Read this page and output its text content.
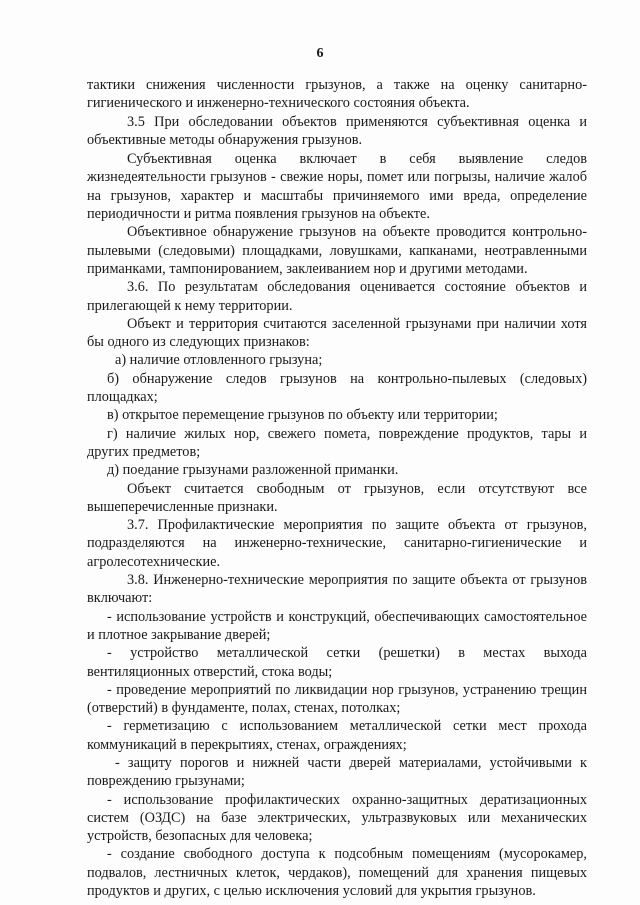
6

тактики снижения численности грызунов, а также на оценку санитарно-гигиенического и инженерно-технического состояния объекта.

3.5 При обследовании объектов применяются субъективная оценка и объективные методы обнаружения грызунов.

Субъективная оценка включает в себя выявление следов жизнедеятельности грызунов - свежие норы, помет или погрызы, наличие жалоб на грызунов, характер и масштабы причиняемого ими вреда, определение периодичности и ритма появления грызунов на объекте.

Объективное обнаружение грызунов на объекте проводится контрольно-пылевыми (следовыми) площадками, ловушками, капканами, неотравленными приманками, тампонированием, заклеиванием нор и другими методами.

3.6. По результатам обследования оценивается состояние объектов и прилегающей к нему территории.

Объект и территория считаются заселенной грызунами при наличии хотя бы одного из следующих признаков:

а) наличие отловленного грызуна;

б) обнаружение следов грызунов на контрольно-пылевых (следовых) площадках;

в) открытое перемещение грызунов по объекту или территории;

г) наличие жилых нор, свежего помета, повреждение продуктов, тары и других предметов;

д) поедание грызунами разложенной приманки.

Объект считается свободным от грызунов, если отсутствуют все вышеперечисленные признаки.

3.7. Профилактические мероприятия по защите объекта от грызунов, подразделяются на инженерно-технические, санитарно-гигиенические и агролесотехнические.

3.8. Инженерно-технические мероприятия по защите объекта от грызунов включают:

- использование устройств и конструкций, обеспечивающих самостоятельное и плотное закрывание дверей;

- устройство металлической сетки (решетки) в местах выхода вентиляционных отверстий, стока воды;

- проведение мероприятий по ликвидации нор грызунов, устранению трещин (отверстий) в фундаменте, полах, стенах, потолках;

- герметизацию с использованием металлической сетки мест прохода коммуникаций в перекрытиях, стенах, ограждениях;

- защиту порогов и нижней части дверей материалами, устойчивыми к повреждению грызунами;

- использование профилактических охранно-защитных дератизационных систем (ОЗДС) на базе электрических, ультразвуковых или механических устройств, безопасных для человека;

- создание свободного доступа к подсобным помещениям (мусорокамер, подвалов, лестничных клеток, чердаков), помещений для хранения пищевых продуктов и других, с целью исключения условий для укрытия грызунов.
